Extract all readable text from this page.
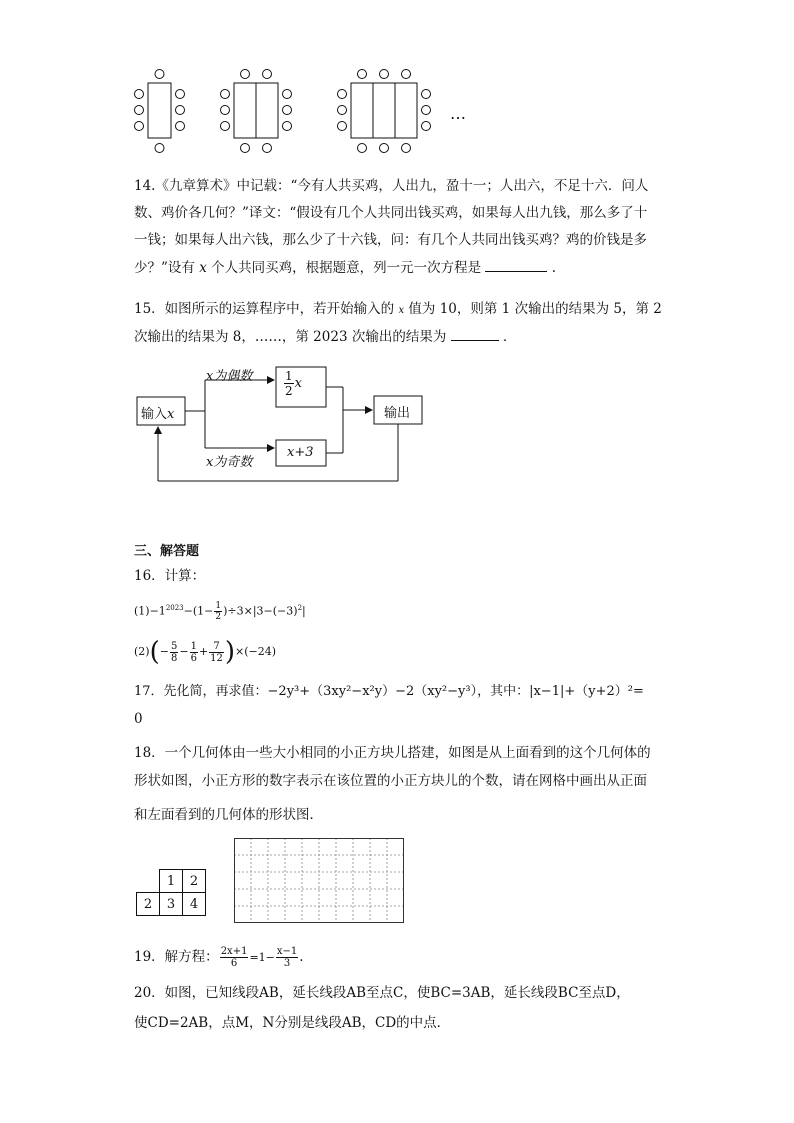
…
14.《九章算术》中记载：“今有人共买鸡，人出九，盈十一；人出六，不足十六．问人
数、鸡价各几何？”译文：“假设有几个人共同出钱买鸡，如果每人出九钱，那么多了十
一钱；如果每人出六钱，那么少了十六钱，问：有几个人共同出钱买鸡？鸡的价钱是多
少？”设有 x 个人共同买鸡，根据题意，列一元一次方程是	.
15．如图所示的运算程序中，若开始输入的 x 值为 10，则第 1 次输出的结果为 5，第 2
次输出的结果为 8，……，第 2023 次输出的结果为	．
输入x
x为偶数
x为奇数
$\frac{1}{2}$ x
x+3
输出
三、解答题
16．计算：
$(1)-1^{2023}-(1- \frac{1}{2} )\div 3\times|3-(-3)^2|$
$(2)(- \frac{5}{8} - \frac{1}{6} + \frac{7}{12} )\times(-24)$
17．先化简，再求值：−2y³+（3xy²−x²y）−2（xy²−y³），其中：|x−1|+（y+2）²=
0
18．一个几何体由一些大小相同的小正方块儿搭建，如图是从上面看到的这个几何体的
形状如图，小正方形的数字表示在该位置的小正方块儿的个数，请在网格中画出从正面
和左面看到的几何体的形状图．
	1	2
2	3	4
19．解方程： $\frac{2x+1}{6} =1- \frac{x-1}{3}$ .
20．如图，已知线段AB，延长线段AB至点C，使BC=3AB，延长线段BC至点D，
使CD=2AB，点M，N分别是线段AB，CD的中点．
